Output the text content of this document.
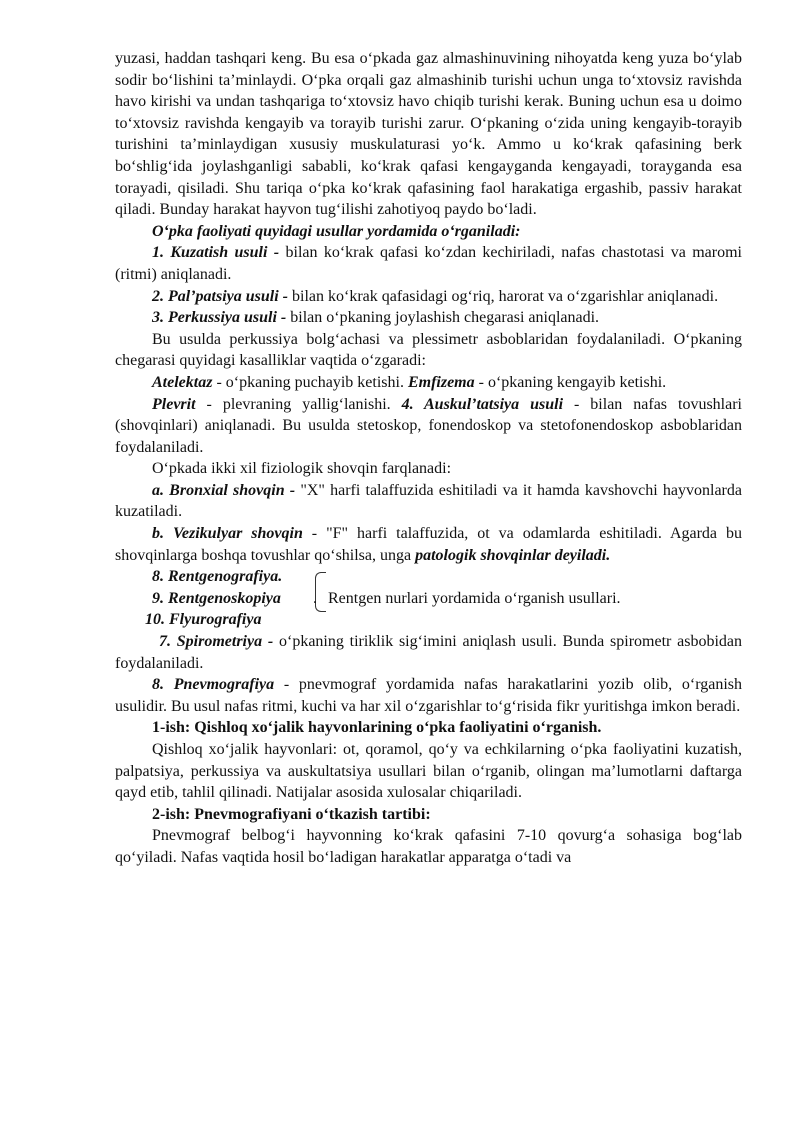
yuzasi, haddan tashqari keng. Bu esa oʻpkada gaz almashinuvining nihoyatda keng yuza boʻylab sodir boʻlishini taʼminlaydi. Oʻpka orqali gaz almashinib turishi uchun unga toʻxtovsiz ravishda havo kirishi va undan tashqariga toʻxtovsiz havo chiqib turishi kerak. Buning uchun esa u doimo toʻxtovsiz ravishda kengayib va torayib turishi zarur. Oʻpkaning oʻzida uning kengayib-torayib turishini taʼminlaydigan xususiy muskulaturasi yoʻk. Ammo u koʻkrak qafasining berk boʻshligʻida joylashganligi sababli, koʻkrak qafasi kengayganda kengayadi, torayganda esa torayadi, qisiladi. Shu tariqa oʻpka koʻkrak qafasining faol harakatiga ergashib, passiv harakat qiladi. Bunday harakat hayvon tugʻilishi zahotiyoq paydo boʻladi.

Oʻpka faoliyati quyidagi usullar yordamida oʻrganiladi:

1. Kuzatish usuli - bilan koʻkrak qafasi koʻzdan kechiriladi, nafas chastotasi va maromi (ritmi) aniqlanadi.

2. Palʼpatsiya usuli - bilan koʻkrak qafasidagi ogʻriq, harorat va oʻzgarishlar aniqlanadi.

3. Perkussiya usuli - bilan oʻpkaning joylashish chegarasi aniqlanadi.

Bu usulda perkussiya bolgʻachasi va plessimetr asboblaridan foydalaniladi. Oʻpkaning chegarasi quyidagi kasalliklar vaqtida oʻzgaradi:

Atelektaz - oʻpkaning puchayib ketishi. Emfizema - oʻpkaning kengayib ketishi.

Plevrit - plevraning yalligʻlanishi. 4. Auskulʼtatsiya usuli - bilan nafas tovushlari (shovqinlari) aniqlanadi. Bu usulda stetoskop, fonendoskop va stetofonendoskop asboblaridan foydalaniladi.

Oʻpkada ikki xil fiziologik shovqin farqlanadi:

a. Bronxial shovqin - "X" harfi talaffuzida eshitiladi va it hamda kavshovchi hayvonlarda kuzatiladi.

b. Vezikulyar shovqin - "F" harfi talaffuzida, ot va odamlarda eshitiladi. Agarda bu shovqinlarga boshqa tovushlar qoʻshilsa, unga patologik shovqinlar deyiladi.

8. Rentgenografiya.
9. Rentgenoskopiya . Rentgen nurlari yordamida oʻrganish usullari.
10. Flyurografiya

7. Spirometriya - oʻpkaning tiriklik sigʻimini aniqlash usuli. Bunda spirometr asbobidan foydalaniladi.

8. Pnevmografiya - pnevmograf yordamida nafas harakatlarini yozib olib, oʻrganish usulidir. Bu usul nafas ritmi, kuchi va har xil oʻzgarishlar toʻgʻrisida fikr yuritishga imkon beradi.

1-ish: Qishloq xoʻjalik hayvonlarining oʻpka faoliyatini oʻrganish.

Qishloq xoʻjalik hayvonlari: ot, qoramol, qoʻy va echkilarning oʻpka faoliyatini kuzatish, palpatsiya, perkussiya va auskultatsiya usullari bilan oʻrganib, olingan maʼlumotlarni daftarga qayd etib, tahlil qilinadi. Natijalar asosida xulosalar chiqariladi.

2-ish: Pnevmografiyani oʻtkazish tartibi:

Pnevmograf belbogʻi hayvonning koʻkrak qafasini 7-10 qovurgʻa sohasiga bogʻlab qoʻyiladi. Nafas vaqtida hosil boʻladigan harakatlar apparatga oʻtadi va
